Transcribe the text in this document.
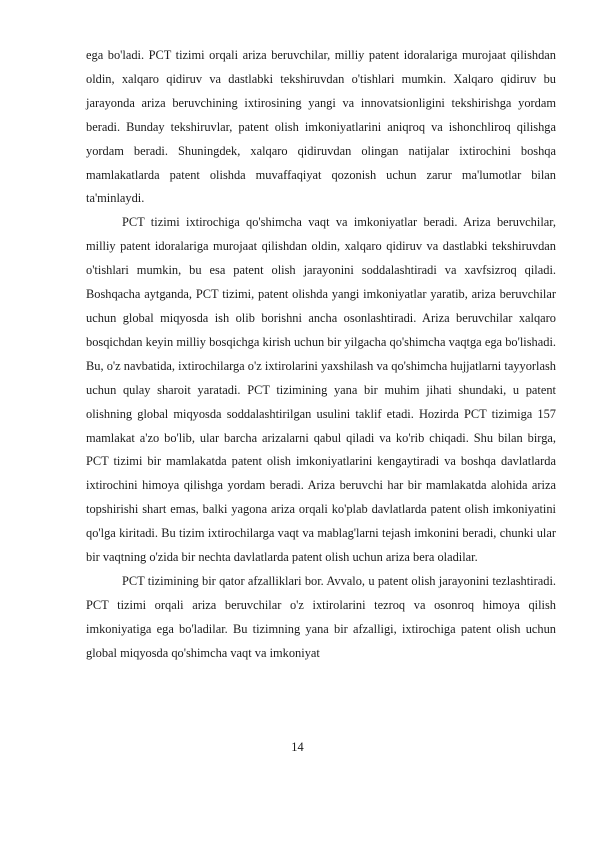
ega bo'ladi. PCT tizimi orqali ariza beruvchilar, milliy patent idoralariga murojaat qilishdan oldin, xalqaro qidiruv va dastlabki tekshiruvdan o'tishlari mumkin. Xalqaro qidiruv bu jarayonda ariza beruvchining ixtirosining yangi va innovatsionligini tekshirishga yordam beradi. Bunday tekshiruvlar, patent olish imkoniyatlarini aniqroq va ishonchliroq qilishga yordam beradi. Shuningdek, xalqaro qidiruvdan olingan natijalar ixtirochini boshqa mamlakatlarda patent olishda muvaffaqiyat qozonish uchun zarur ma'lumotlar bilan ta'minlaydi.

PCT tizimi ixtirochiga qo'shimcha vaqt va imkoniyatlar beradi. Ariza beruvchilar, milliy patent idoralariga murojaat qilishdan oldin, xalqaro qidiruv va dastlabki tekshiruvdan o'tishlari mumkin, bu esa patent olish jarayonini soddalashtiradi va xavfsizroq qiladi. Boshqacha aytganda, PCT tizimi, patent olishda yangi imkoniyatlar yaratib, ariza beruvchilar uchun global miqyosda ish olib borishni ancha osonlashtiradi. Ariza beruvchilar xalqaro bosqichdan keyin milliy bosqichga kirish uchun bir yilgacha qo'shimcha vaqtga ega bo'lishadi. Bu, o'z navbatida, ixtirochilarga o'z ixtirolarini yaxshilash va qo'shimcha hujjatlarni tayyorlash uchun qulay sharoit yaratadi. PCT tizimining yana bir muhim jihati shundaki, u patent olishning global miqyosda soddalashtirilgan usulini taklif etadi. Hozirda PCT tizimiga 157 mamlakat a'zo bo'lib, ular barcha arizalarni qabul qiladi va ko'rib chiqadi. Shu bilan birga, PCT tizimi bir mamlakatda patent olish imkoniyatlarini kengaytiradi va boshqa davlatlarda ixtirochini himoya qilishga yordam beradi. Ariza beruvchi har bir mamlakatda alohida ariza topshirishi shart emas, balki yagona ariza orqali ko'plab davlatlarda patent olish imkoniyatini qo'lga kiritadi. Bu tizim ixtirochilarga vaqt va mablag'larni tejash imkonini beradi, chunki ular bir vaqtning o'zida bir nechta davlatlarda patent olish uchun ariza bera oladilar.

PCT tizimining bir qator afzalliklari bor. Avvalo, u patent olish jarayonini tezlashtiradi. PCT tizimi orqali ariza beruvchilar o'z ixtirolarini tezroq va osonroq himoya qilish imkoniyatiga ega bo'ladilar. Bu tizimning yana bir afzalligi, ixtirochiga patent olish uchun global miqyosda qo'shimcha vaqt va imkoniyat

14
